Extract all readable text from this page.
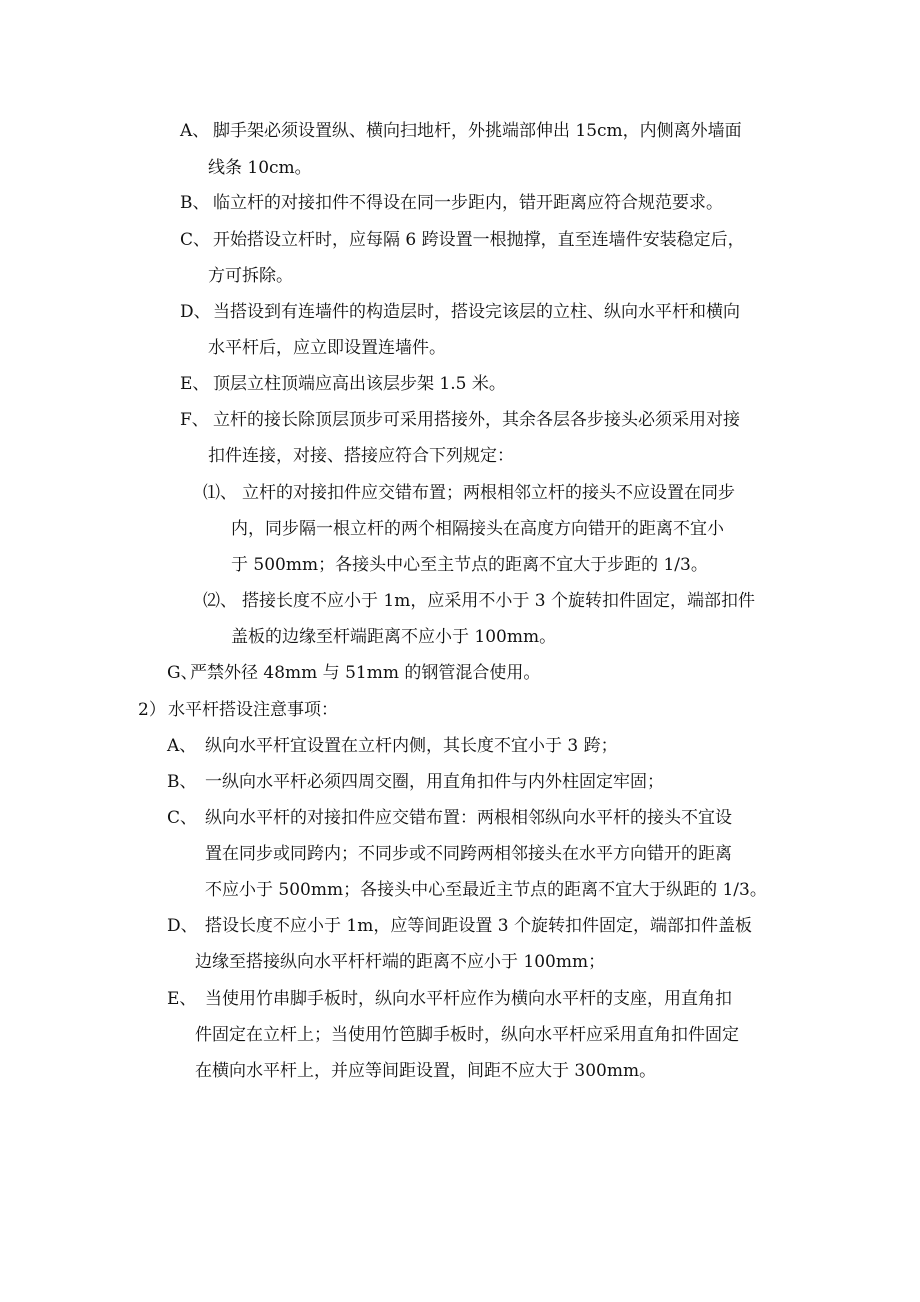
A、 脚手架必须设置纵、横向扫地杆，外挑端部伸出 15cm，内侧离外墙面
线条 10cm。
B、 临立杆的对接扣件不得设在同一步距内，错开距离应符合规范要求。
C、 开始搭设立杆时，应每隔 6 跨设置一根抛撑，直至连墙件安装稳定后，
方可拆除。
D、 当搭设到有连墙件的构造层时，搭设完该层的立柱、纵向水平杆和横向
水平杆后，应立即设置连墙件。
E、 顶层立柱顶端应高出该层步架 1.5 米。
F、 立杆的接长除顶层顶步可采用搭接外，其余各层各步接头必须采用对接
扣件连接，对接、搭接应符合下列规定：
⑴、 立杆的对接扣件应交错布置；两根相邻立杆的接头不应设置在同步
内，同步隔一根立杆的两个相隔接头在高度方向错开的距离不宜小
于 500mm；各接头中心至主节点的距离不宜大于步距的 1/3。
⑵、 搭接长度不应小于 1m，应采用不小于 3 个旋转扣件固定，端部扣件
盖板的边缘至杆端距离不应小于 100mm。
G、
严禁外径 48mm 与 51mm 的钢管混合使用。
2） 水平杆搭设注意事项：
A、 纵向水平杆宜设置在立杆内侧，其长度不宜小于 3 跨；
B、 一纵向水平杆必须四周交圈，用直角扣件与内外柱固定牢固；
C、 纵向水平杆的对接扣件应交错布置：两根相邻纵向水平杆的接头不宜设
置在同步或同跨内；不同步或不同跨两相邻接头在水平方向错开的距离
不应小于 500mm；各接头中心至最近主节点的距离不宜大于纵距的 1/3。
D、 搭设长度不应小于 1m，应等间距设置 3 个旋转扣件固定，端部扣件盖板
边缘至搭接纵向水平杆杆端的距离不应小于 100mm；
E、 当使用竹串脚手板时，纵向水平杆应作为横向水平杆的支座，用直角扣
件固定在立杆上；当使用竹笆脚手板时，纵向水平杆应采用直角扣件固定
在横向水平杆上，并应等间距设置，间距不应大于 300mm。
